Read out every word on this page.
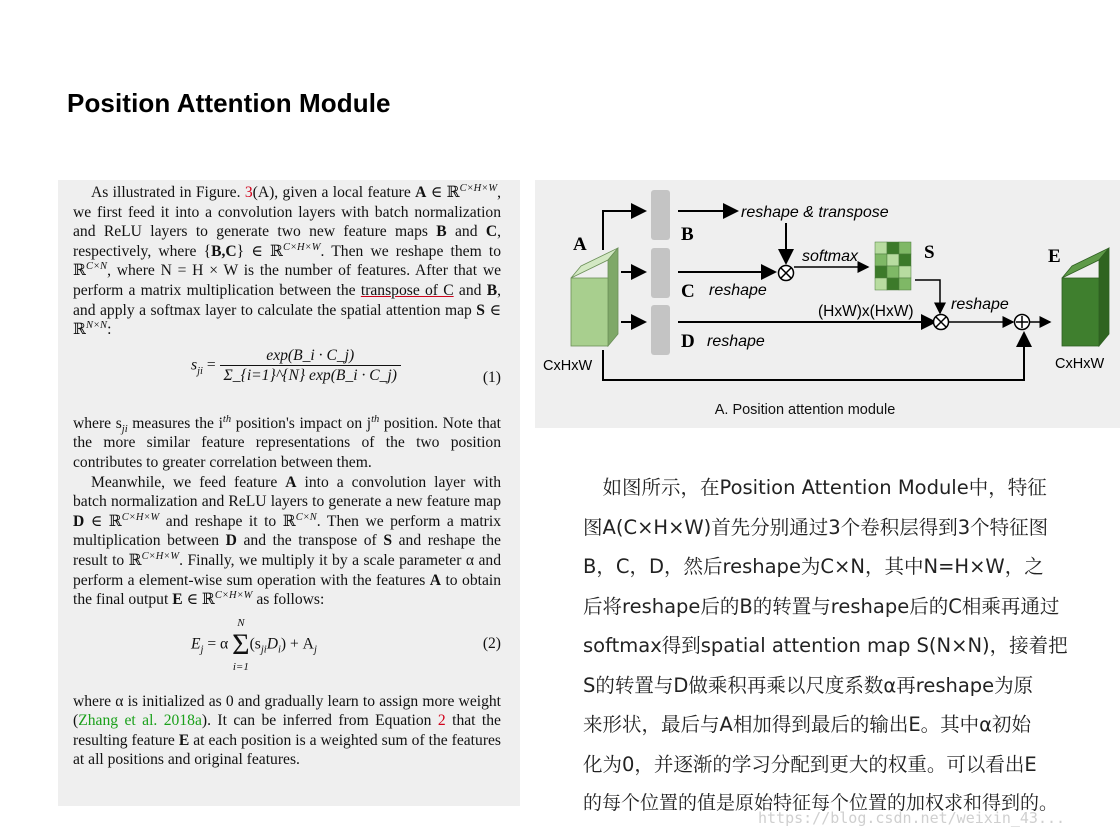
Position Attention Module

As illustrated in Figure. 3(A), given a local feature A ∈ ℝ$^{C\times H\times W}$, we first feed it into a convolution layers with batch normalization and ReLU layers to generate two new feature maps B and C, respectively, where {B,C} ∈ ℝ$^{C\times H\times W}$. Then we reshape them to ℝ$^{C\times N}$, where N = H × W is the number of features. After that we perform a matrix multiplication between the transpose of C and B, and apply a softmax layer to calculate the spatial attention map S ∈ ℝ$^{N\times N}$:

$s_{ji} = \frac{\exp(B\_i \cdot C\_j)}{\Sigma\_\{i=1\}\^{}\{N\} \exp(B\_i \cdot C\_j)}$	(1)

where $s_{ji}$ measures the $i^{th}$ position's impact on $j^{th}$ position. Note that the more similar feature representations of the two position contributes to greater correlation between them.

Meanwhile, we feed feature A into a convolution layer with batch normalization and ReLU layers to generate a new feature map D ∈ ℝ$^{C\times H\times W}$ and reshape it to ℝ$^{C\times N}$. Then we perform a matrix multiplication between D and the transpose of S and reshape the result to ℝ$^{C\times H\times W}$. Finally, we multiply it by a scale parameter α and perform a element-wise sum operation with the features A to obtain the final output E ∈ ℝ$^{C\times H\times W}$ as follows:

$E_j = \alpha$
N
Σ
i=1
$(s_{ji}D_i) + A_j$	(2)

where α is initialized as 0 and gradually learn to assign more weight (Zhang et al. 2018a). It can be inferred from Equation 2 that the resulting feature E at each position is a weighted sum of the features at all positions and original features.

A	B
C
D
S	E
reshape & transpose
softmax
reshape
reshape
(HxW)x(HxW) reshape
CxHxW	CxHxW
A. Position attention module
　如图所示，在Position Attention Module中，特征
图A(C×H×W)首先分别通过3个卷积层得到3个特征图
B，C，D，然后reshape为C×N，其中N=H×W，之
后将reshape后的B的转置与reshape后的C相乘再通过
softmax得到spatial attention map S(N×N)，接着把
S的转置与D做乘积再乘以尺度系数α再reshape为原
来形状，最后与A相加得到最后的输出E。其中α初始
化为0，并逐渐的学习分配到更大的权重。可以看出E
的每个位置的值是原始特征每个位置的加权求和得到的。
https://blog.csdn.net/weixin_43...
